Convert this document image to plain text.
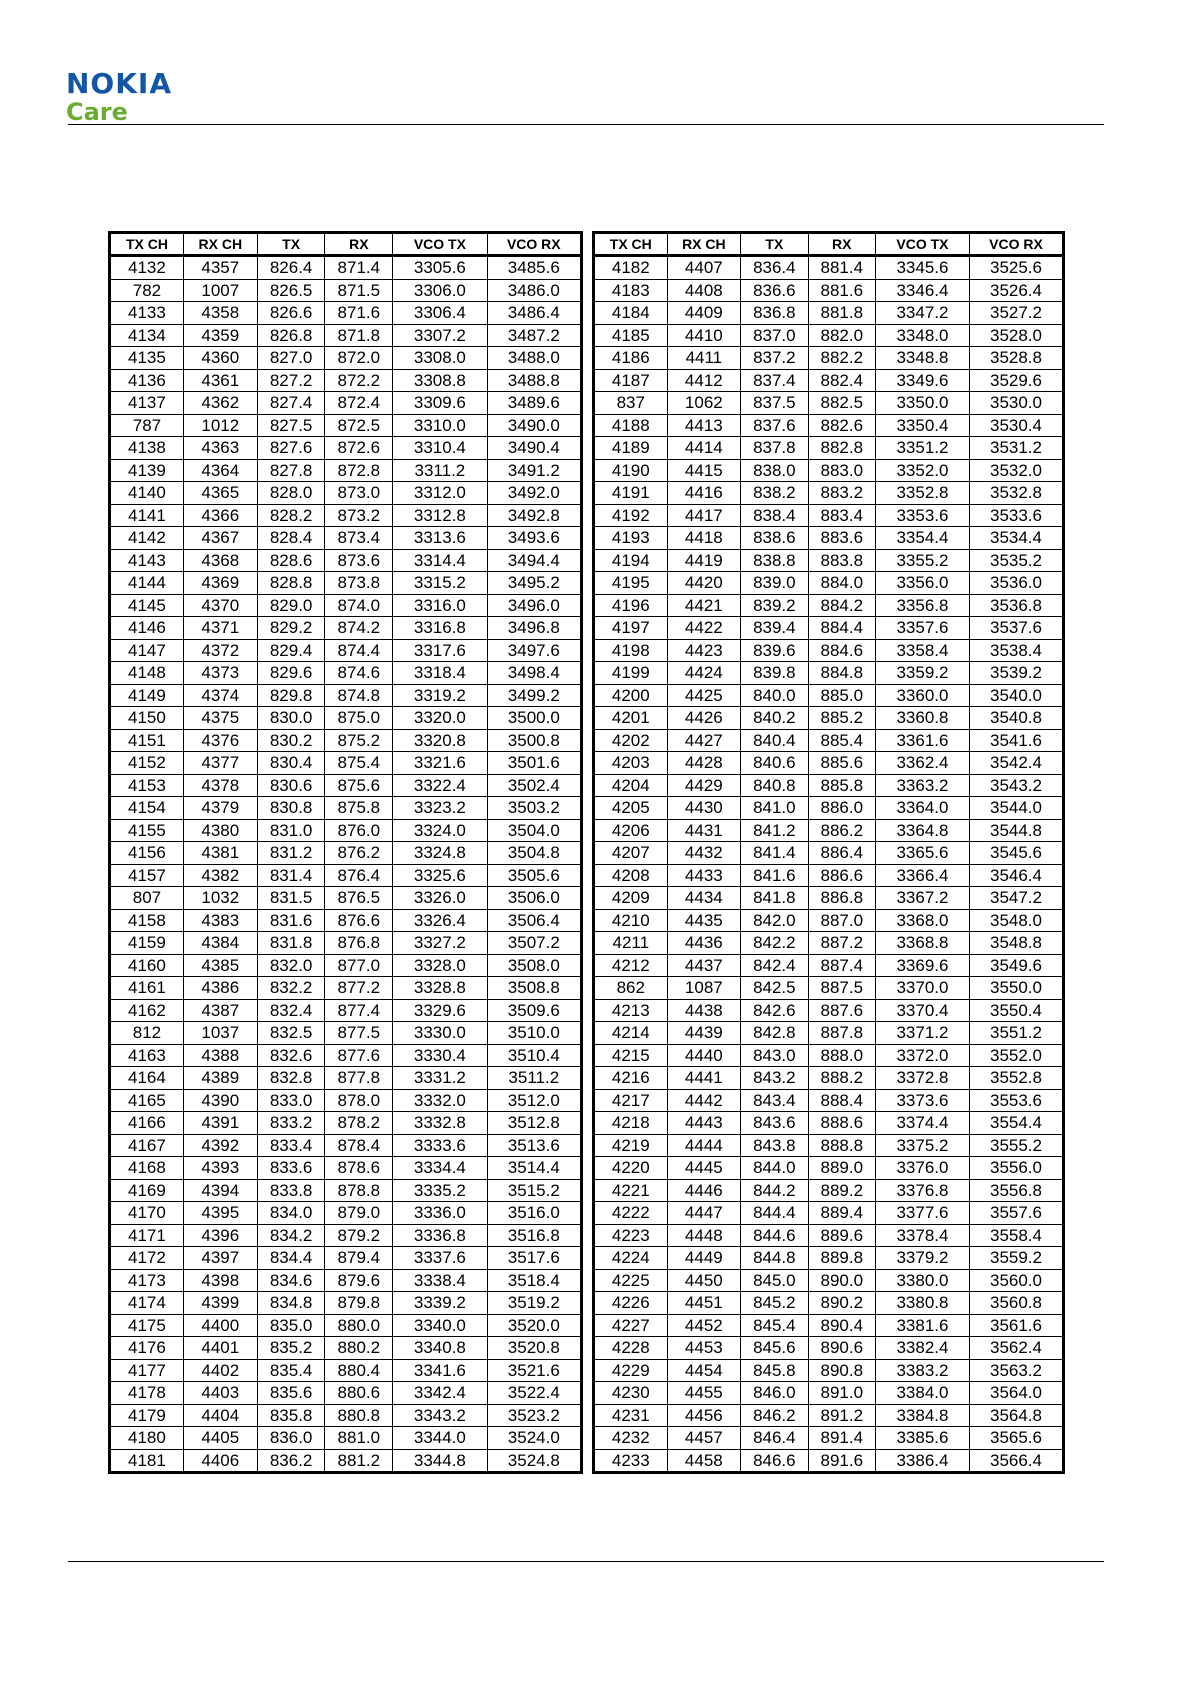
NOKIA
Care
TX CH	RX CH	TX	RX	VCO TX	VCO RX
4132	4357	826.4	871.4	3305.6	3485.6
782	1007	826.5	871.5	3306.0	3486.0
4133	4358	826.6	871.6	3306.4	3486.4
4134	4359	826.8	871.8	3307.2	3487.2
4135	4360	827.0	872.0	3308.0	3488.0
4136	4361	827.2	872.2	3308.8	3488.8
4137	4362	827.4	872.4	3309.6	3489.6
787	1012	827.5	872.5	3310.0	3490.0
4138	4363	827.6	872.6	3310.4	3490.4
4139	4364	827.8	872.8	3311.2	3491.2
4140	4365	828.0	873.0	3312.0	3492.0
4141	4366	828.2	873.2	3312.8	3492.8
4142	4367	828.4	873.4	3313.6	3493.6
4143	4368	828.6	873.6	3314.4	3494.4
4144	4369	828.8	873.8	3315.2	3495.2
4145	4370	829.0	874.0	3316.0	3496.0
4146	4371	829.2	874.2	3316.8	3496.8
4147	4372	829.4	874.4	3317.6	3497.6
4148	4373	829.6	874.6	3318.4	3498.4
4149	4374	829.8	874.8	3319.2	3499.2
4150	4375	830.0	875.0	3320.0	3500.0
4151	4376	830.2	875.2	3320.8	3500.8
4152	4377	830.4	875.4	3321.6	3501.6
4153	4378	830.6	875.6	3322.4	3502.4
4154	4379	830.8	875.8	3323.2	3503.2
4155	4380	831.0	876.0	3324.0	3504.0
4156	4381	831.2	876.2	3324.8	3504.8
4157	4382	831.4	876.4	3325.6	3505.6
807	1032	831.5	876.5	3326.0	3506.0
4158	4383	831.6	876.6	3326.4	3506.4
4159	4384	831.8	876.8	3327.2	3507.2
4160	4385	832.0	877.0	3328.0	3508.0
4161	4386	832.2	877.2	3328.8	3508.8
4162	4387	832.4	877.4	3329.6	3509.6
812	1037	832.5	877.5	3330.0	3510.0
4163	4388	832.6	877.6	3330.4	3510.4
4164	4389	832.8	877.8	3331.2	3511.2
4165	4390	833.0	878.0	3332.0	3512.0
4166	4391	833.2	878.2	3332.8	3512.8
4167	4392	833.4	878.4	3333.6	3513.6
4168	4393	833.6	878.6	3334.4	3514.4
4169	4394	833.8	878.8	3335.2	3515.2
4170	4395	834.0	879.0	3336.0	3516.0
4171	4396	834.2	879.2	3336.8	3516.8
4172	4397	834.4	879.4	3337.6	3517.6
4173	4398	834.6	879.6	3338.4	3518.4
4174	4399	834.8	879.8	3339.2	3519.2
4175	4400	835.0	880.0	3340.0	3520.0
4176	4401	835.2	880.2	3340.8	3520.8
4177	4402	835.4	880.4	3341.6	3521.6
4178	4403	835.6	880.6	3342.4	3522.4
4179	4404	835.8	880.8	3343.2	3523.2
4180	4405	836.0	881.0	3344.0	3524.0
4181	4406	836.2	881.2	3344.8	3524.8
TX CH	RX CH	TX	RX	VCO TX	VCO RX
4182	4407	836.4	881.4	3345.6	3525.6
4183	4408	836.6	881.6	3346.4	3526.4
4184	4409	836.8	881.8	3347.2	3527.2
4185	4410	837.0	882.0	3348.0	3528.0
4186	4411	837.2	882.2	3348.8	3528.8
4187	4412	837.4	882.4	3349.6	3529.6
837	1062	837.5	882.5	3350.0	3530.0
4188	4413	837.6	882.6	3350.4	3530.4
4189	4414	837.8	882.8	3351.2	3531.2
4190	4415	838.0	883.0	3352.0	3532.0
4191	4416	838.2	883.2	3352.8	3532.8
4192	4417	838.4	883.4	3353.6	3533.6
4193	4418	838.6	883.6	3354.4	3534.4
4194	4419	838.8	883.8	3355.2	3535.2
4195	4420	839.0	884.0	3356.0	3536.0
4196	4421	839.2	884.2	3356.8	3536.8
4197	4422	839.4	884.4	3357.6	3537.6
4198	4423	839.6	884.6	3358.4	3538.4
4199	4424	839.8	884.8	3359.2	3539.2
4200	4425	840.0	885.0	3360.0	3540.0
4201	4426	840.2	885.2	3360.8	3540.8
4202	4427	840.4	885.4	3361.6	3541.6
4203	4428	840.6	885.6	3362.4	3542.4
4204	4429	840.8	885.8	3363.2	3543.2
4205	4430	841.0	886.0	3364.0	3544.0
4206	4431	841.2	886.2	3364.8	3544.8
4207	4432	841.4	886.4	3365.6	3545.6
4208	4433	841.6	886.6	3366.4	3546.4
4209	4434	841.8	886.8	3367.2	3547.2
4210	4435	842.0	887.0	3368.0	3548.0
4211	4436	842.2	887.2	3368.8	3548.8
4212	4437	842.4	887.4	3369.6	3549.6
862	1087	842.5	887.5	3370.0	3550.0
4213	4438	842.6	887.6	3370.4	3550.4
4214	4439	842.8	887.8	3371.2	3551.2
4215	4440	843.0	888.0	3372.0	3552.0
4216	4441	843.2	888.2	3372.8	3552.8
4217	4442	843.4	888.4	3373.6	3553.6
4218	4443	843.6	888.6	3374.4	3554.4
4219	4444	843.8	888.8	3375.2	3555.2
4220	4445	844.0	889.0	3376.0	3556.0
4221	4446	844.2	889.2	3376.8	3556.8
4222	4447	844.4	889.4	3377.6	3557.6
4223	4448	844.6	889.6	3378.4	3558.4
4224	4449	844.8	889.8	3379.2	3559.2
4225	4450	845.0	890.0	3380.0	3560.0
4226	4451	845.2	890.2	3380.8	3560.8
4227	4452	845.4	890.4	3381.6	3561.6
4228	4453	845.6	890.6	3382.4	3562.4
4229	4454	845.8	890.8	3383.2	3563.2
4230	4455	846.0	891.0	3384.0	3564.0
4231	4456	846.2	891.2	3384.8	3564.8
4232	4457	846.4	891.4	3385.6	3565.6
4233	4458	846.6	891.6	3386.4	3566.4
